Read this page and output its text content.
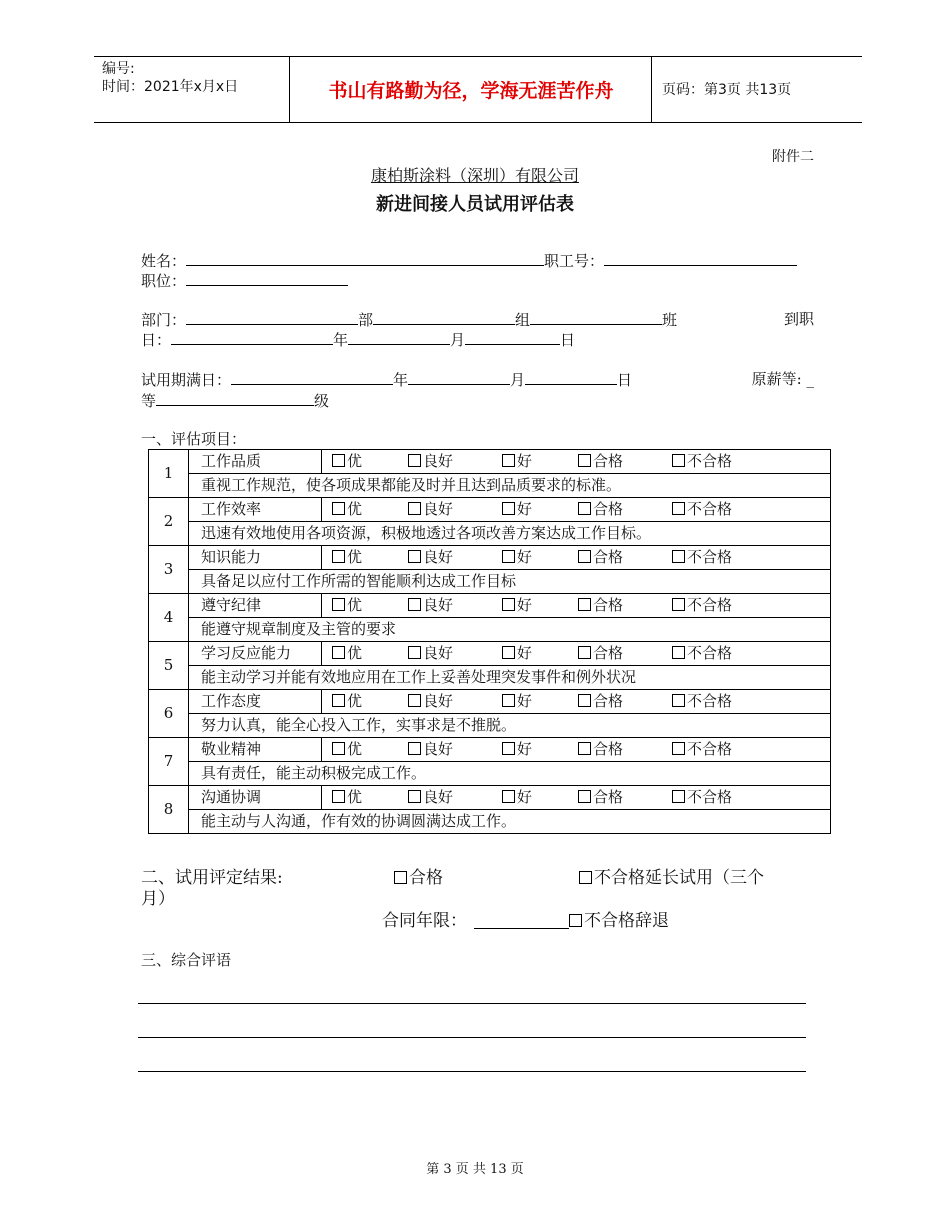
编号:
时间：2021年x月x日	书山有路勤为径，学海无涯苦作舟	页码：第3页 共13页
附件二
康柏斯涂料（深圳）有限公司
新进间接人员试用评估表
姓名：	职工号：
职位：
部门：	部	组	班	到职
日：	年	月	日
试用期满日：	年	月	日	原薪等: _
等	级
一、评估项目：
1	工作品质	优 良好 好 合格 不合格

	重视工作规范，使各项成果都能及时并且达到品质要求的标准。	
2	工作效率	优 良好 好 合格 不合格

	迅速有效地使用各项资源，积极地透过各项改善方案达成工作目标。	
3	知识能力	优 良好 好 合格 不合格

	具备足以应付工作所需的智能顺利达成工作目标	
4	遵守纪律	优 良好 好 合格 不合格

	能遵守规章制度及主管的要求	
5	学习反应能力	优 良好 好 合格 不合格

	能主动学习并能有效地应用在工作上妥善处理突发事件和例外状况	
6	工作态度	优 良好 好 合格 不合格

	努力认真，能全心投入工作，实事求是不推脱。	
7	敬业精神	优 良好 好 合格 不合格

	具有责任，能主动积极完成工作。	
8	沟通协调	优 良好 好 合格 不合格

	能主动与人沟通，作有效的协调圆满达成工作。	
二、试用评定结果:	合格	不合格延长试用（三个
月）
合同年限：	不合格辞退
三、综合评语
第 3 页 共 13 页
